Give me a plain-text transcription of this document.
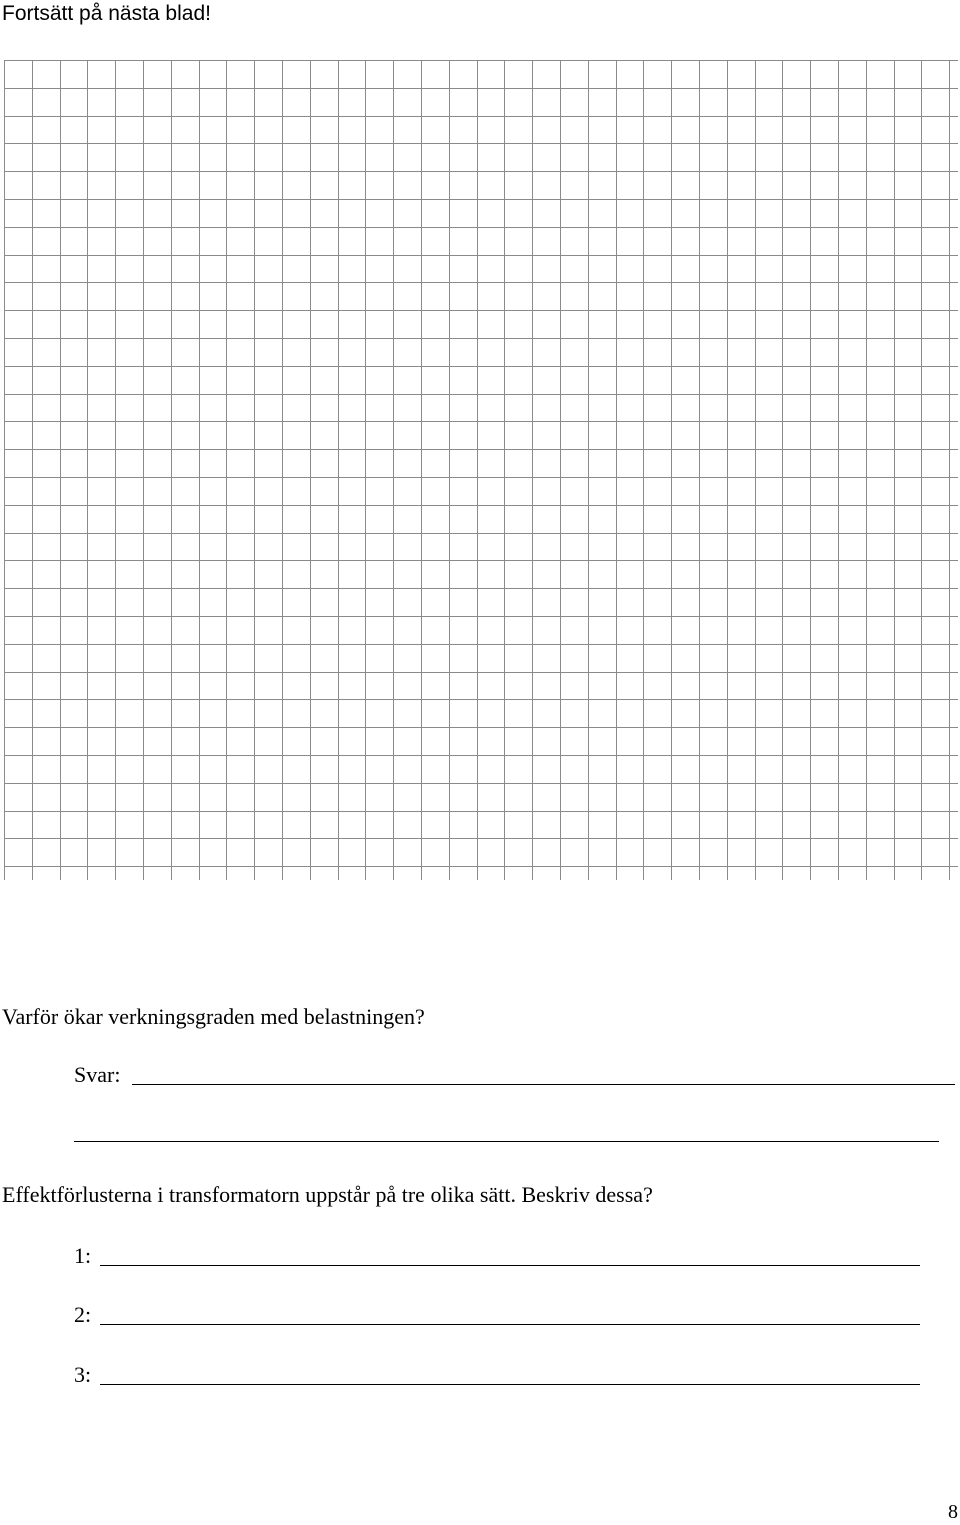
Fortsätt på nästa blad!
Varför ökar verkningsgraden med belastningen?
Svar:
Effektförlusterna i transformatorn uppstår på tre olika sätt. Beskriv dessa?
1:
2:
3:
8
